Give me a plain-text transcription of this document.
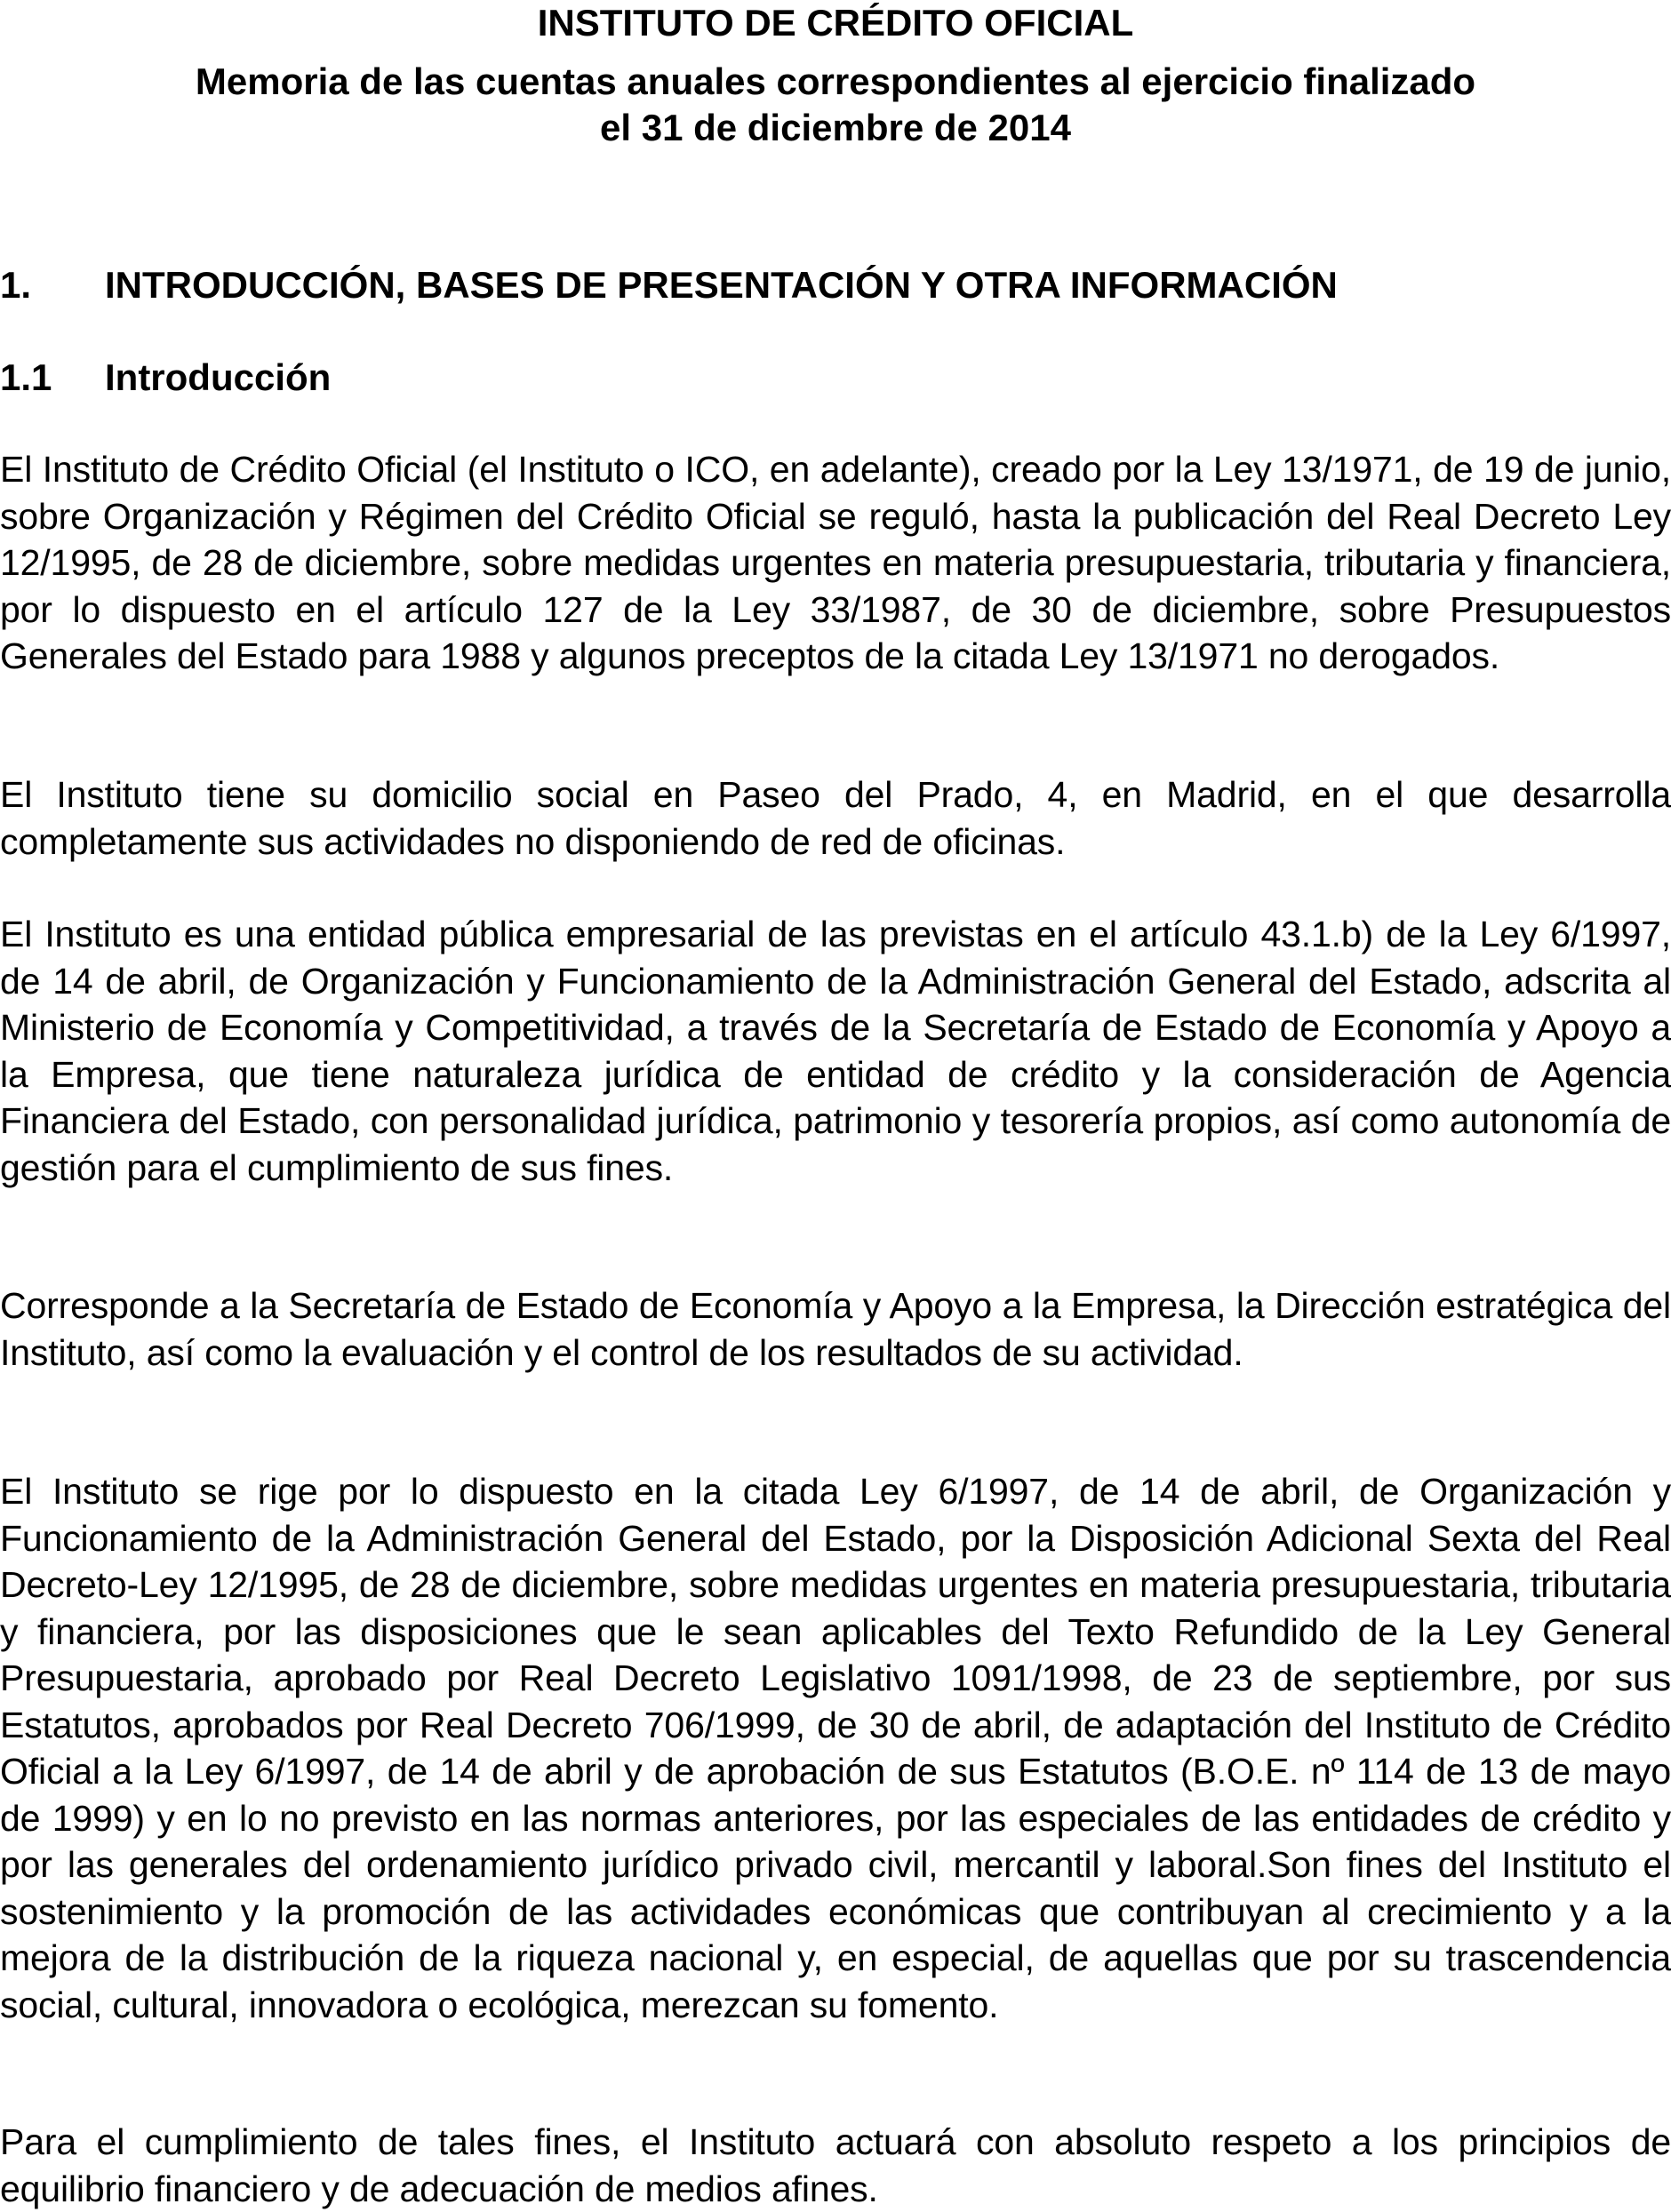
INSTITUTO DE CRÉDITO OFICIAL
Memoria de las cuentas anuales correspondientes al ejercicio finalizado
el 31 de diciembre de 2014
1. INTRODUCCIÓN, BASES DE PRESENTACIÓN Y OTRA INFORMACIÓN
1.1 Introducción

El Instituto de Crédito Oficial (el Instituto o ICO, en adelante), creado por la Ley 13/1971, de 19 de junio, sobre Organización y Régimen del Crédito Oficial se reguló, hasta la publicación del Real Decreto Ley 12/1995, de 28 de diciembre, sobre medidas urgentes en materia presupuestaria, tributaria y financiera, por lo dispuesto en el artículo 127 de la Ley 33/1987, de 30 de diciembre, sobre Presupuestos Generales del Estado para 1988 y algunos preceptos de la citada Ley 13/1971 no derogados.

El Instituto tiene su domicilio social en Paseo del Prado, 4, en Madrid, en el que desarrolla completamente sus actividades no disponiendo de red de oficinas.

El Instituto es una entidad pública empresarial de las previstas en el artículo 43.1.b) de la Ley 6/1997, de 14 de abril, de Organización y Funcionamiento de la Administración General del Estado, adscrita al Ministerio de Economía y Competitividad, a través de la Secretaría de Estado de Economía y Apoyo a la Empresa, que tiene naturaleza jurídica de entidad de crédito y la consideración de Agencia Financiera del Estado, con personalidad jurídica, patrimonio y tesorería propios, así como autonomía de gestión para el cumplimiento de sus fines.

Corresponde a la Secretaría de Estado de Economía y Apoyo a la Empresa, la Dirección estratégica del Instituto, así como la evaluación y el control de los resultados de su actividad.

El Instituto se rige por lo dispuesto en la citada Ley 6/1997, de 14 de abril, de Organización y Funcionamiento de la Administración General del Estado, por la Disposición Adicional Sexta del Real Decreto-Ley 12/1995, de 28 de diciembre, sobre medidas urgentes en materia presupuestaria, tributaria y financiera, por las disposiciones que le sean aplicables del Texto Refundido de la Ley General Presupuestaria, aprobado por Real Decreto Legislativo 1091/1998, de 23 de septiembre, por sus Estatutos, aprobados por Real Decreto 706/1999, de 30 de abril, de adaptación del Instituto de Crédito Oficial a la Ley 6/1997, de 14 de abril y de aprobación de sus Estatutos (B.O.E. nº 114 de 13 de mayo de 1999) y en lo no previsto en las normas anteriores, por las especiales de las entidades de crédito y por las generales del ordenamiento jurídico privado civil, mercantil y laboral.Son fines del Instituto el sostenimiento y la promoción de las actividades económicas que contribuyan al crecimiento y a la mejora de la distribución de la riqueza nacional y, en especial, de aquellas que por su trascendencia social, cultural, innovadora o ecológica, merezcan su fomento.

Para el cumplimiento de tales fines, el Instituto actuará con absoluto respeto a los principios de equilibrio financiero y de adecuación de medios afines.
